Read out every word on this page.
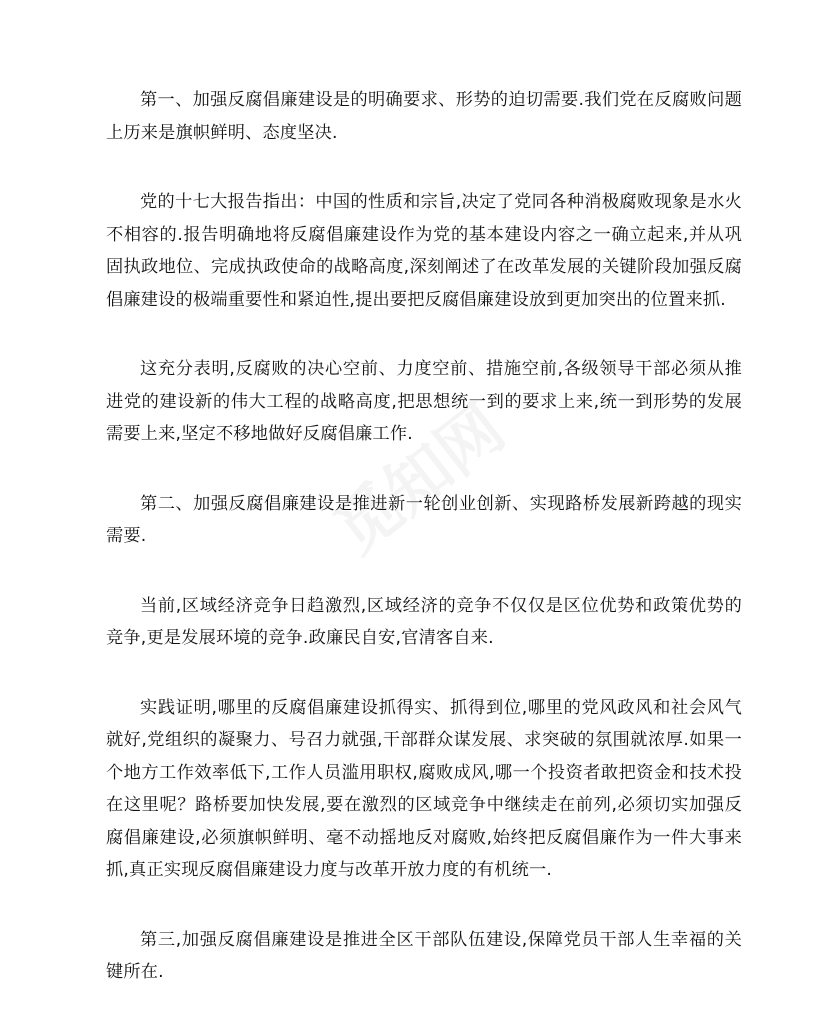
第一、加强反腐倡廉建设是的明确要求、形势的迫切需要.我们党在反腐败问题上历来是旗帜鲜明、态度坚决.

党的十七大报告指出：中国的性质和宗旨,决定了党同各种消极腐败现象是水火不相容的.报告明确地将反腐倡廉建设作为党的基本建设内容之一确立起来,并从巩固执政地位、完成执政使命的战略高度,深刻阐述了在改革发展的关键阶段加强反腐倡廉建设的极端重要性和紧迫性,提出要把反腐倡廉建设放到更加突出的位置来抓.

这充分表明,反腐败的决心空前、力度空前、措施空前,各级领导干部必须从推进党的建设新的伟大工程的战略高度,把思想统一到的要求上来,统一到形势的发展需要上来,坚定不移地做好反腐倡廉工作.

第二、加强反腐倡廉建设是推进新一轮创业创新、实现路桥发展新跨越的现实需要.

当前,区域经济竞争日趋激烈,区域经济的竞争不仅仅是区位优势和政策优势的竞争,更是发展环境的竞争.政廉民自安,官清客自来.

实践证明,哪里的反腐倡廉建设抓得实、抓得到位,哪里的党风政风和社会风气就好,党组织的凝聚力、号召力就强,干部群众谋发展、求突破的氛围就浓厚.如果一个地方工作效率低下,工作人员滥用职权,腐败成风,哪一个投资者敢把资金和技术投在这里呢？路桥要加快发展,要在激烈的区域竞争中继续走在前列,必须切实加强反腐倡廉建设,必须旗帜鲜明、毫不动摇地反对腐败,始终把反腐倡廉作为一件大事来抓,真正实现反腐倡廉建设力度与改革开放力度的有机统一.

第三,加强反腐倡廉建设是推进全区干部队伍建设,保障党员干部人生幸福的关键所在.
